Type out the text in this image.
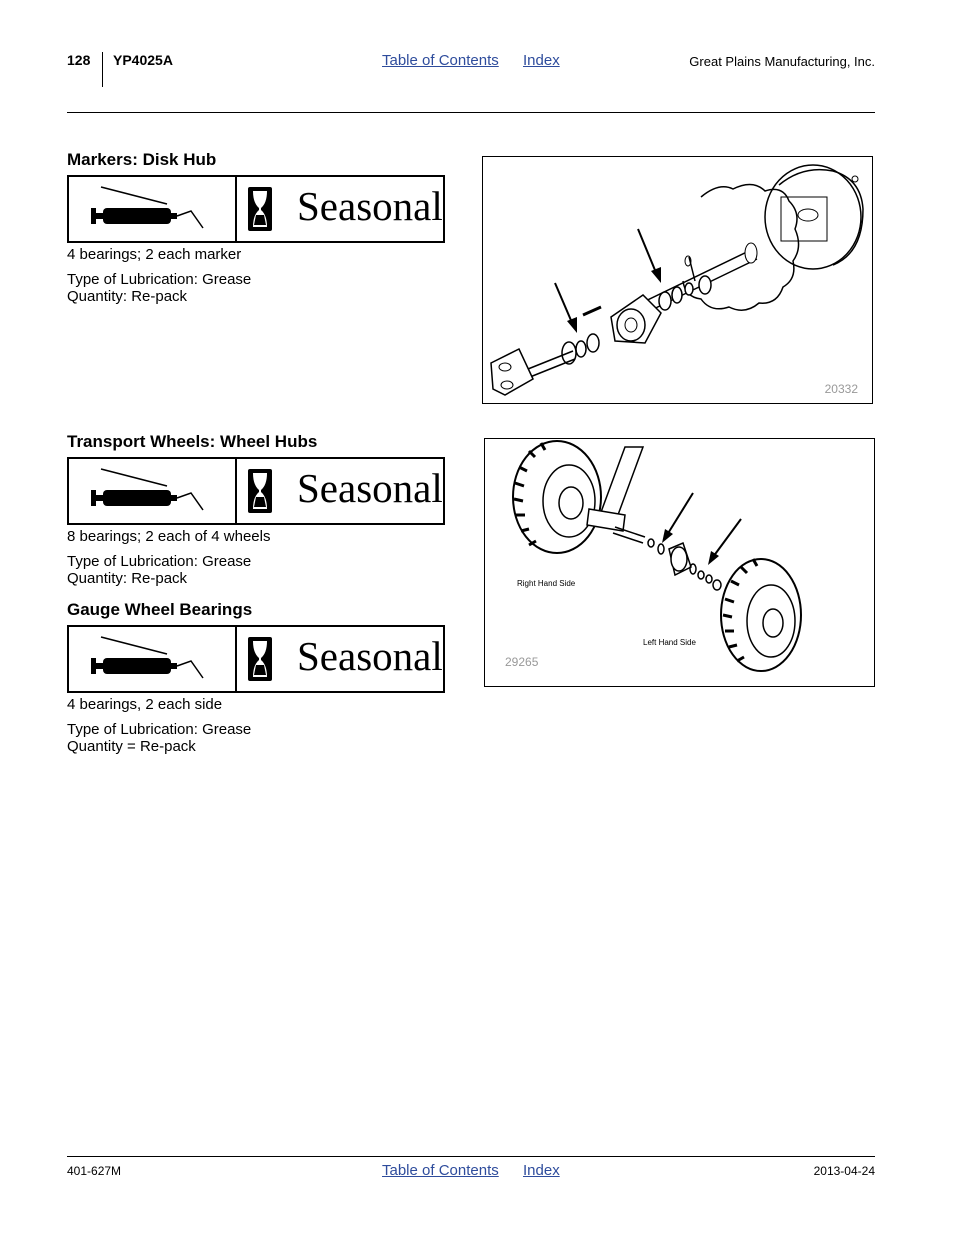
128 YP4025A	Table of Contents Index	Great Plains Manufacturing, Inc.
Markers: Disk Hub
Seasonal
4 bearings; 2 each marker
Type of Lubrication: Grease
Quantity: Re-pack
20332
Transport Wheels: Wheel Hubs
Seasonal
8 bearings; 2 each of 4 wheels
Type of Lubrication: Grease
Quantity: Re-pack	Right Hand Side
Left Hand Side
29265
Gauge Wheel Bearings
Seasonal
4 bearings, 2 each side
Type of Lubrication: Grease
Quantity = Re-pack
401-627M	Table of Contents Index	2013-04-24
